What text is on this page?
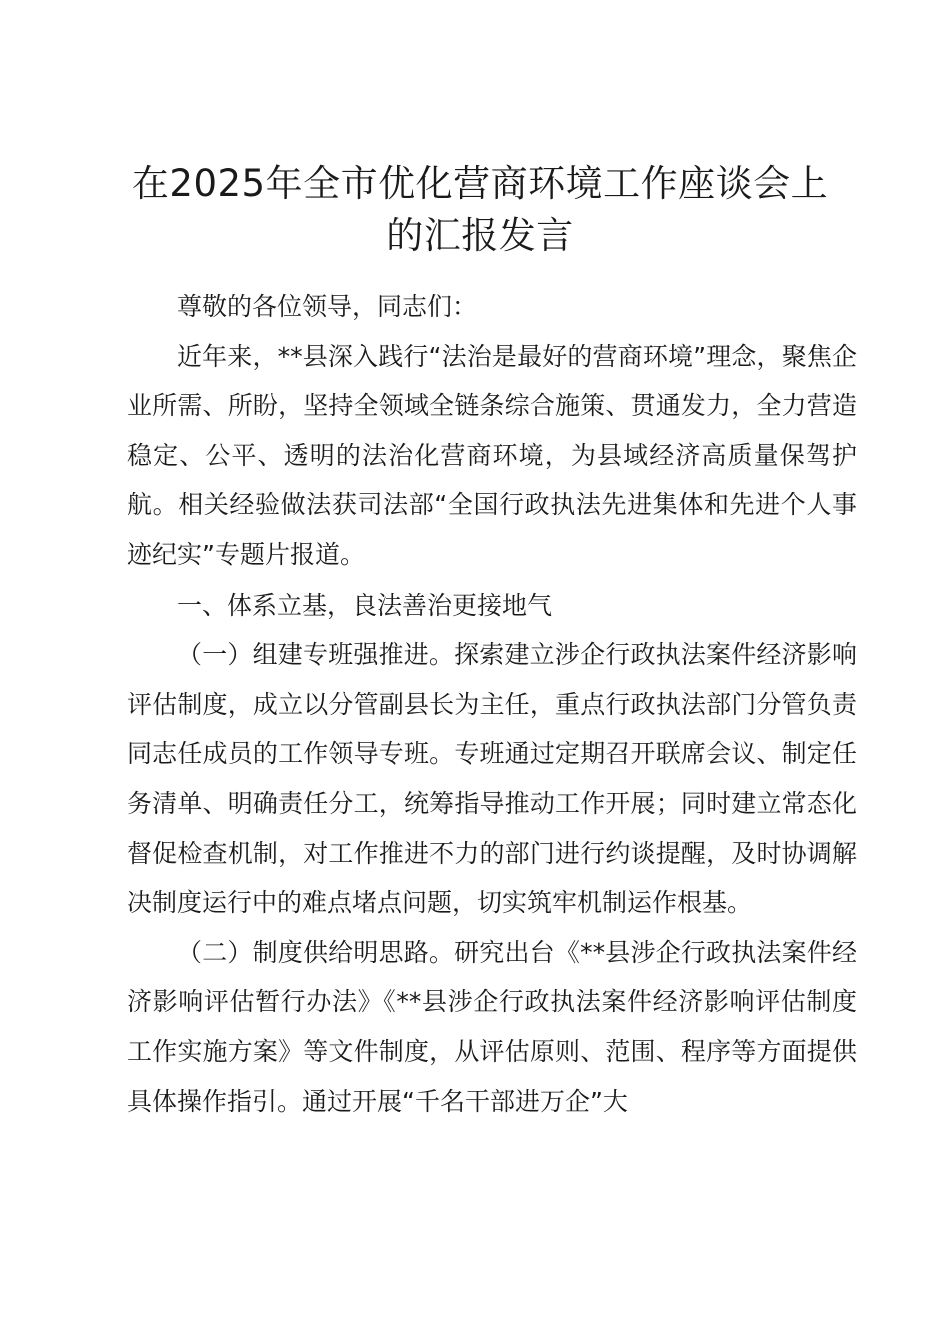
在2025年全市优化营商环境工作座谈会上的汇报发言

尊敬的各位领导，同志们：

近年来，**县深入践行“法治是最好的营商环境”理念，聚焦企业所需、所盼，坚持全领域全链条综合施策、贯通发力，全力营造稳定、公平、透明的法治化营商环境，为县域经济高质量保驾护航。相关经验做法获司法部“全国行政执法先进集体和先进个人事迹纪实”专题片报道。

一、体系立基，良法善治更接地气

（一）组建专班强推进。探索建立涉企行政执法案件经济影响评估制度，成立以分管副县长为主任，重点行政执法部门分管负责同志任成员的工作领导专班。专班通过定期召开联席会议、制定任务清单、明确责任分工，统筹指导推动工作开展；同时建立常态化督促检查机制，对工作推进不力的部门进行约谈提醒，及时协调解决制度运行中的难点堵点问题，切实筑牢机制运作根基。

（二）制度供给明思路。研究出台《**县涉企行政执法案件经济影响评估暂行办法》《**县涉企行政执法案件经济影响评估制度工作实施方案》等文件制度，从评估原则、范围、程序等方面提供具体操作指引。通过开展“千名干部进万企”大
